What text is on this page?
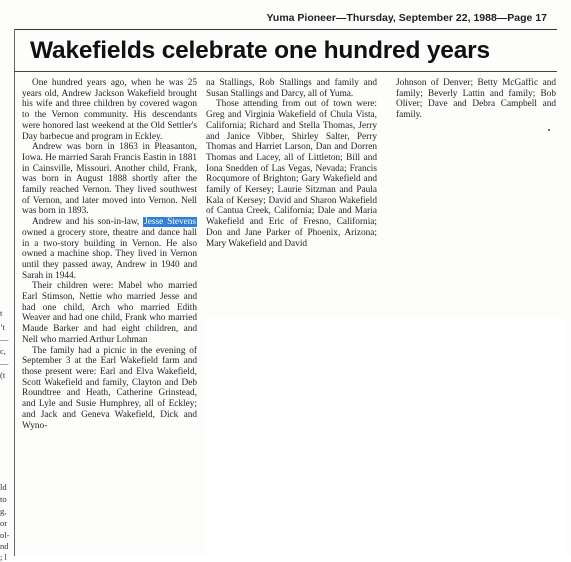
Yuma Pioneer—Thursday, September 22, 1988—Page 17
Wakefields celebrate one hundred years

One hundred years ago, when he was 25 years old, Andrew Jackson Wakefield brought his wife and three children by covered wagon to the Vernon community. His descendants were honored last weekend at the Old Settler's Day barbecue and program in Eckley.

Andrew was born in 1863 in Pleasanton, Iowa. He married Sarah Francis Eastin in 1881 in Cainsville, Missouri. Another child, Frank, was born in August 1888 shortly after the family reached Vernon. They lived southwest of Vernon, and later moved into Vernon. Nell was born in 1893.

Andrew and his son-in-law, Jesse Stevens owned a grocery store, theatre and dance hall in a two-story building in Vernon. He also owned a machine shop. They lived in Vernon until they passed away, Andrew in 1940 and Sarah in 1944.

Their children were: Mabel who married Earl Stimson, Nettie who married Jesse and had one child, Arch who married Edith Weaver and had one child, Frank who married Maude Barker and had eight children, and Nell who married Arthur Lohman

The family had a picnic in the evening of September 3 at the Earl Wakefield farm and those present were: Earl and Elva Wakefield, Scott Wakefield and family, Clayton and Deb Roundtree and Heath, Catherine Grinstead, and Lyle and Susie Humphrey, all of Eckley; and Jack and Geneva Wakefield, Dick and Wyno-

na Stallings, Rob Stallings and family and Susan Stallings and Darcy, all of Yuma.

Those attending from out of town were: Greg and Virginia Wakefield of Chula Vista, California; Richard and Stella Thomas, Jerry and Janice Vibber, Shirley Salter, Perry Thomas and Harriet Larson, Dan and Dorren Thomas and Lacey, all of Littleton; Bill and Iona Snedden of Las Vegas, Nevada; Francis Rocqumore of Brighton; Gary Wakefield and family of Kersey; Laurie Sitzman and Paula Kala of Kersey; David and Sharon Wakefield of Cantua Creek, California; Dale and Maria Wakefield and Eric of Fresno, California; Don and Jane Parker of Phoenix, Arizona; Mary Wakefield and David

Johnson of Denver; Betty McGaffic and family; Beverly Lattin and family; Bob Oliver; Dave and Debra Campbell and family.

t
’t
—
c,
—
(t
ld
to
g,
or
ol-
nd
; l
